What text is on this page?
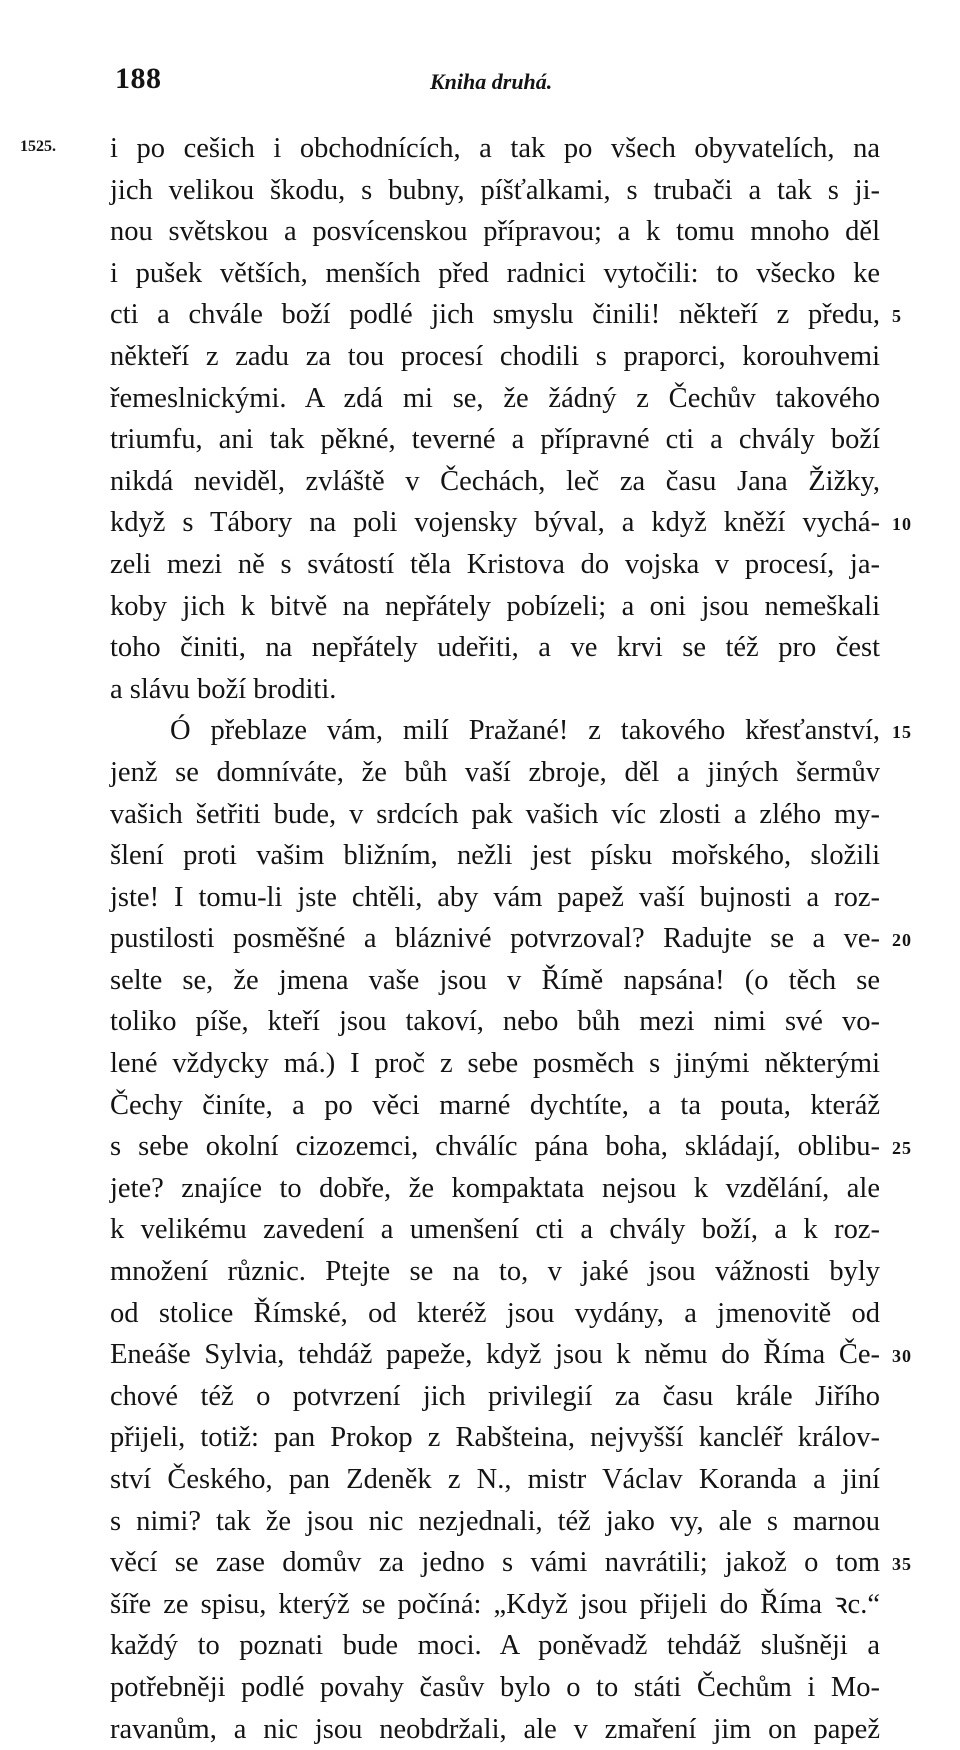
188	Kniha druhá.
1525. i po cešich i obchodnících, a tak po všech obyvatelích, na
jich velikou škodu, s bubny, píšťalkami, s trubači a tak s ji-
nou světskou a posvícenskou přípravou; a k tomu mnoho děl
i pušek větších, menších před radnici vytočili: to všecko ke
cti a chvále boží podlé jich smyslu činili! někteří z předu, 5
někteří z zadu za tou procesí chodili s praporci, korouhvemi
řemeslnickými. A zdá mi se, že žádný z Čechův takového
triumfu, ani tak pěkné, teverné a přípravné cti a chvály boží
nikdá neviděl, zvláště v Čechách, leč za času Jana Žižky,
když s Tábory na poli vojensky býval, a když kněží vychá- 10
zeli mezi ně s svátostí těla Kristova do vojska v procesí, ja-
koby jich k bitvě na nepřátely pobízeli; a oni jsou nemeškali
toho činiti, na nepřátely udeřiti, a ve krvi se též pro čest
a slávu boží broditi.
Ó přeblaze vám, milí Pražané! z takového křesťanství, 15
jenž se domníváte, že bůh vaší zbroje, děl a jiných šermův
vašich šetřiti bude, v srdcích pak vašich víc zlosti a zlého my-
šlení proti vašim bližním, nežli jest písku mořského, složili
jste! I tomu-li jste chtěli, aby vám papež vaší bujnosti a roz-
pustilosti posměšné a bláznivé potvrzoval? Radujte se a ve- 20
selte se, že jmena vaše jsou v Římě napsána! (o těch se
toliko píše, kteří jsou takoví, nebo bůh mezi nimi své vo-
lené vždycky má.) I proč z sebe posměch s jinými některými
Čechy činíte, a po věci marné dychtíte, a ta pouta, kteráž
s sebe okolní cizozemci, chválíc pána boha, skládají, oblibu- 25
jete? znajíce to dobře, že kompaktata nejsou k vzdělání, ale
k velikému zavedení a umenšení cti a chvály boží, a k roz-
množení různic. Ptejte se na to, v jaké jsou vážnosti byly
od stolice Římské, od kteréž jsou vydány, a jmenovitě od
Eneáše Sylvia, tehdáž papeže, když jsou k němu do Říma Če- 30
chové též o potvrzení jich privilegií za času krále Jiřího
přijeli, totiž: pan Prokop z Rabšteina, nejvyšší kancléř králov-
ství Českého, pan Zdeněk z N., mistr Václav Koranda a jiní
s nimi? tak že jsou nic nezjednali, též jako vy, ale s marnou
věcí se zase domův za jedno s vámi navrátili; jakož o tom 35
šíře ze spisu, kterýž se počíná: „Když jsou přijeli do Říma ꝛc.“
každý to poznati bude moci. A poněvadž tehdáž slušněji a
potřebněji podlé povahy časův bylo o to státi Čechům i Mo-
ravanům, a nic jsou neobdržali, ale v zmaření jim on papež
